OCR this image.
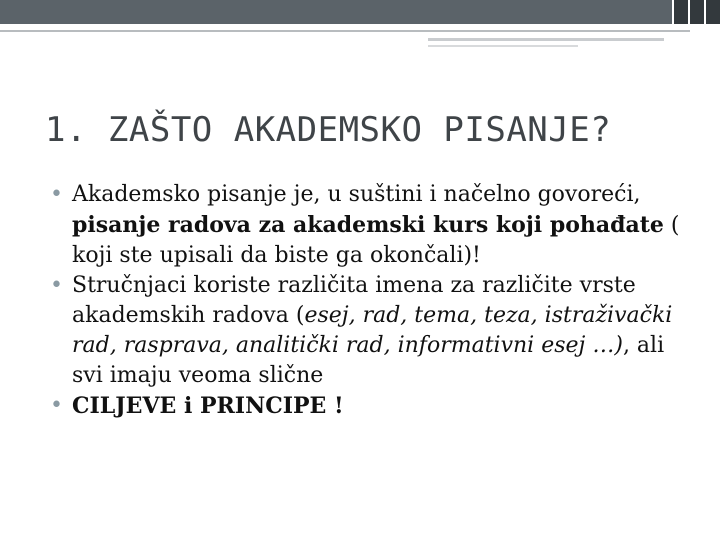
1. ZAŠTO AKADEMSKO PISANJE?
• Akademsko pisanje je, u suštini i načelno govoreći, pisanje radova za akademski kurs koji pohađate ( koji ste upisali da biste ga okončali)!
• Stručnjaci koriste različita imena za različite vrste akademskih radova (esej, rad, tema, teza, istraživački rad, rasprava, analitički rad, informativni esej …), ali svi imaju veoma slične
• CILJEVE i PRINCIPE !
